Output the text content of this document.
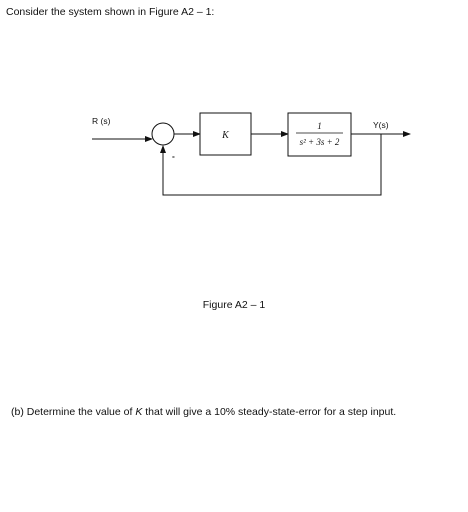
Consider the system shown in Figure A2 – 1:
R (s)
K
1
s² + 3s + 2
Y(s)
-
Figure A2 – 1
(b) Determine the value of K that will give a 10% steady-state-error for a step input.
